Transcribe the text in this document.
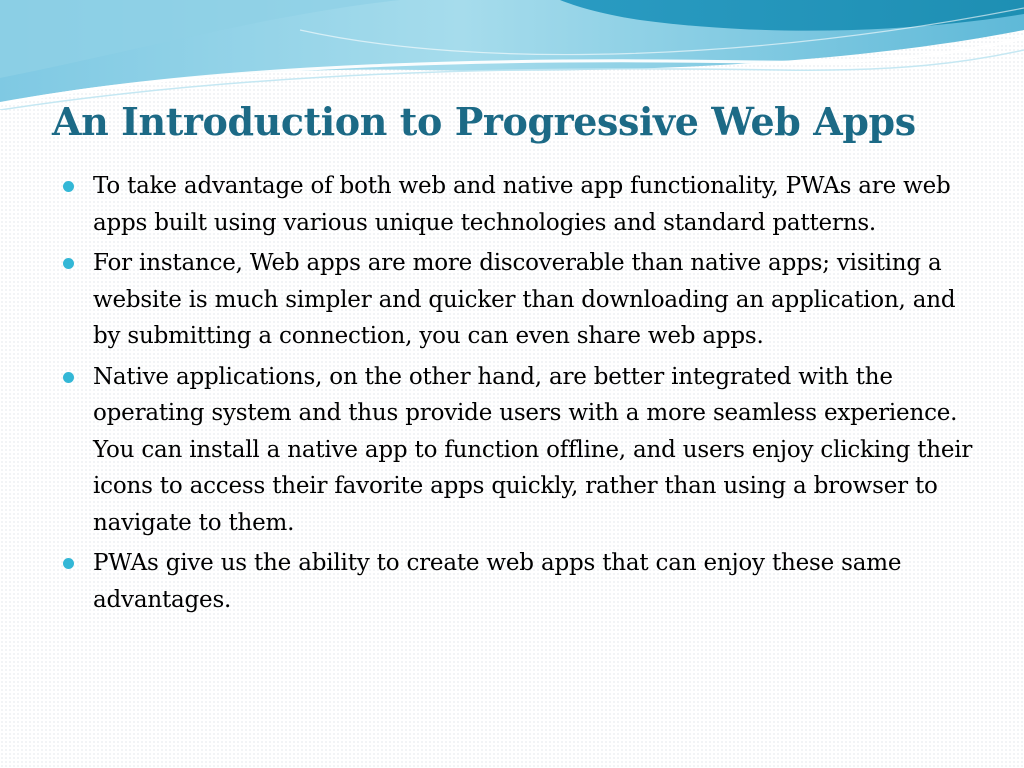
An Introduction to Progressive Web Apps
To take advantage of both web and native app functionality, PWAs are web apps built using various unique technologies and standard patterns.
For instance, Web apps are more discoverable than native apps; visiting a website is much simpler and quicker than downloading an application, and by submitting a connection, you can even share web apps.
Native applications, on the other hand, are better integrated with the operating system and thus provide users with a more seamless experience. You can install a native app to function offline, and users enjoy clicking their icons to access their favorite apps quickly, rather than using a browser to navigate to them.
PWAs give us the ability to create web apps that can enjoy these same advantages.
